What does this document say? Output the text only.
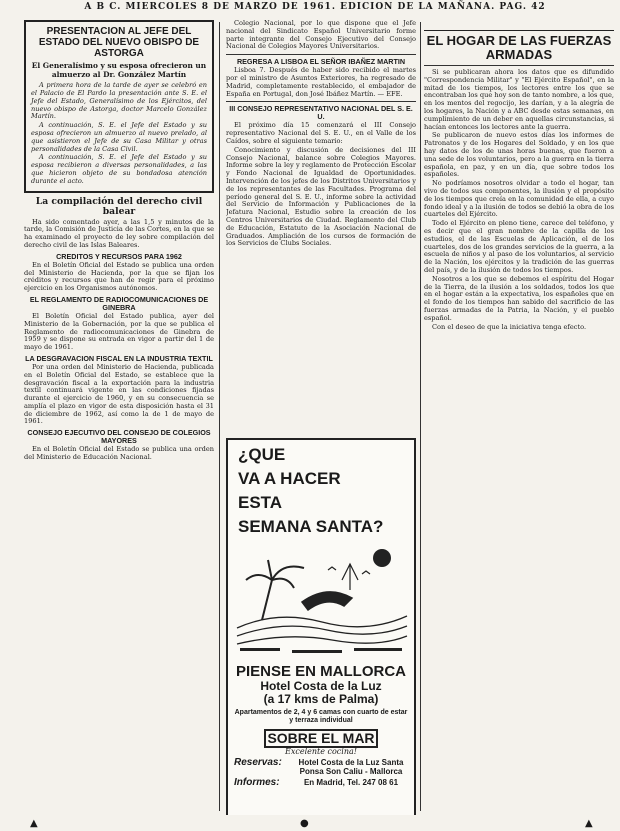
A B C. MIERCOLES 8 DE MARZO DE 1961. EDICION DE LA MAÑANA. PAG. 42
PRESENTACION AL JEFE DEL ESTADO DEL NUEVO OBISPO DE ASTORGA
El Generalísimo y su esposa ofrecieron un almuerzo al Dr. González Martín

A primera hora de la tarde de ayer se celebró en el Palacio de El Pardo la presentación ante S. E. el Jefe del Estado, Generalísimo de los Ejércitos, del nuevo obispo de Astorga, doctor Marcelo González Martín.

A continuación, S. E. el Jefe del Estado y su esposa ofrecieron un almuerzo al nuevo prelado, al que asistieron el Jefe de su Casa Militar y otras personalidades de la Casa Civil.

A continuación, S. E. el Jefe del Estado y su esposa recibieron a diversas personalidades, a las que hicieron objeto de su bondadosa atención durante el acto.

La compilación del derecho civil balear

Ha sido comentado ayer, a las 1,5 y minutos de la tarde, la Comisión de Justicia de las Cortes, en la que se ha examinado el proyecto de ley sobre compilación del derecho civil de las Islas Baleares.

CREDITOS Y RECURSOS PARA 1962

En el Boletín Oficial del Estado se publica una orden del Ministerio de Hacienda, por la que se fijan los créditos y recursos que han de regir para el próximo ejercicio en los Organismos autónomos.

EL REGLAMENTO DE RADIOCOMUNICACIONES DE GINEBRA

El Boletín Oficial del Estado publica, ayer del Ministerio de la Gobernación, por la que se publica el Reglamento de radiocomunicaciones de Ginebra de 1959 y se dispone su entrada en vigor a partir del 1 de mayo de 1961.

LA DESGRAVACION FISCAL EN LA INDUSTRIA TEXTIL

Por una orden del Ministerio de Hacienda, publicada en el Boletín Oficial del Estado, se establece que la desgravación fiscal a la exportación para la industria textil continuará vigente en las condiciones fijadas durante el ejercicio de 1960, y en su consecuencia se amplía el plazo en vigor de esta disposición hasta el 31 de diciembre de 1962, así como la de 1 de mayo de 1961.

CONSEJO EJECUTIVO DEL CONSEJO DE COLEGIOS MAYORES

En el Boletín Oficial del Estado se publica una orden del Ministerio de Educación Nacional.

Colegio Nacional, por lo que dispone que el Jefe nacional del Sindicato Español Universitario forme parte integrante del Consejo Ejecutivo del Consejo Nacional de Colegios Mayores Universitarios.

REGRESA A LISBOA EL SEÑOR IBAÑEZ MARTIN

Lisboa 7. Después de haber sido recibido el martes por el ministro de Asuntos Exteriores, ha regresado de Madrid, completamente restablecido, el embajador de España en Portugal, don José Ibáñez Martín. — EFE.

III CONSEJO REPRESENTATIVO NACIONAL DEL S. E. U.

El próximo día 15 comenzará el III Consejo representativo Nacional del S. E. U., en el Valle de los Caídos, sobre el siguiente temario:

Conocimiento y discusión de decisiones del III Consejo Nacional, balance sobre Colegios Mayores. Informe sobre la ley y reglamento de Protección Escolar y Fondo Nacional de Igualdad de Oportunidades. Intervención de los jefes de los Distritos Universitarios y de los representantes de las Facultades. Programa del período general del S. E. U., informe sobre la actividad del Servicio de Información y Publicaciones de la Jefatura Nacional, Estudio sobre la creación de los Centros Universitarios de Ciudad. Reglamento del Club de Educación, Estatuto de la Asociación Nacional de Graduados. Ampliación de los cursos de formación de los Servicios de Clubs Sociales.

¿QUE
VA A HACER
ESTA
SEMANA SANTA?
PIENSE EN MALLORCA
Hotel Costa de la Luz
(a 17 kms de Palma)
Apartamentos de 2, 4 y 6 camas con cuarto de estar y terraza individual
SOBRE EL MAR
Excelente cocina!
Reservas:	Hotel Costa de la Luz Santa Ponsa Son Caliu - Mallorca
Informes:	En Madrid, Tel. 247 08 61
EL HOGAR DE LAS FUERZAS ARMADAS

Si se publicaran ahora los datos que es difundido "Correspondencia Militar" y "El Ejército Español", en la mitad de los tiempos, los lectores entre los que se encontraban los que hoy son de tanto nombre, a los que, en los mentos del regocijo, les darían, y a la alegría de los hogares, la Nación y a ABC desde estas semanas, en cumplimiento de un deber en aquellas circunstancias, si hacían entonces los lectores ante la guerra.

Se publicaron de nuevo estos días los informes de Patronatos y de los Hogares del Soldado, y en los que hay datos de los de unas horas buenas, que fueron a una sede de los voluntarios, pero a la guerra en la tierra española, en paz, y en un día, que sobre todos los españoles.

No podríamos nosotros olvidar a todo el hogar, tan vivo de todos sus componentes, la ilusión y el propósito de los tiempos que creía en la comunidad de ella, a cuyo fondo ideal y a la ilusión de todos se debió la obra de los cuarteles del Ejército.

Todo el Ejército en pleno tiene, carece del teléfono, y es decir que el gran nombre de la capilla de los estudios, el de las Escuelas de Aplicación, el de los cuarteles, dos de los grandes servicios de la guerra, a la escuela de niños y al paso de los voluntarios, al servicio de la Nación, los ejércitos y la tradición de las guerras del país, y de la ilusión de todos los tiempos.

Nosotros a los que se debemos el espíritu del Hogar de la Tierra, de la ilusión a los soldados, todos los que en el hogar están a la expectativa, los españoles que en el fondo de los tiempos han sabido del sacrificio de las fuerzas armadas de la Patria, la Nación, y el pueblo español.

Con el deseo de que la iniciativa tenga efecto.

▲	●	▲
